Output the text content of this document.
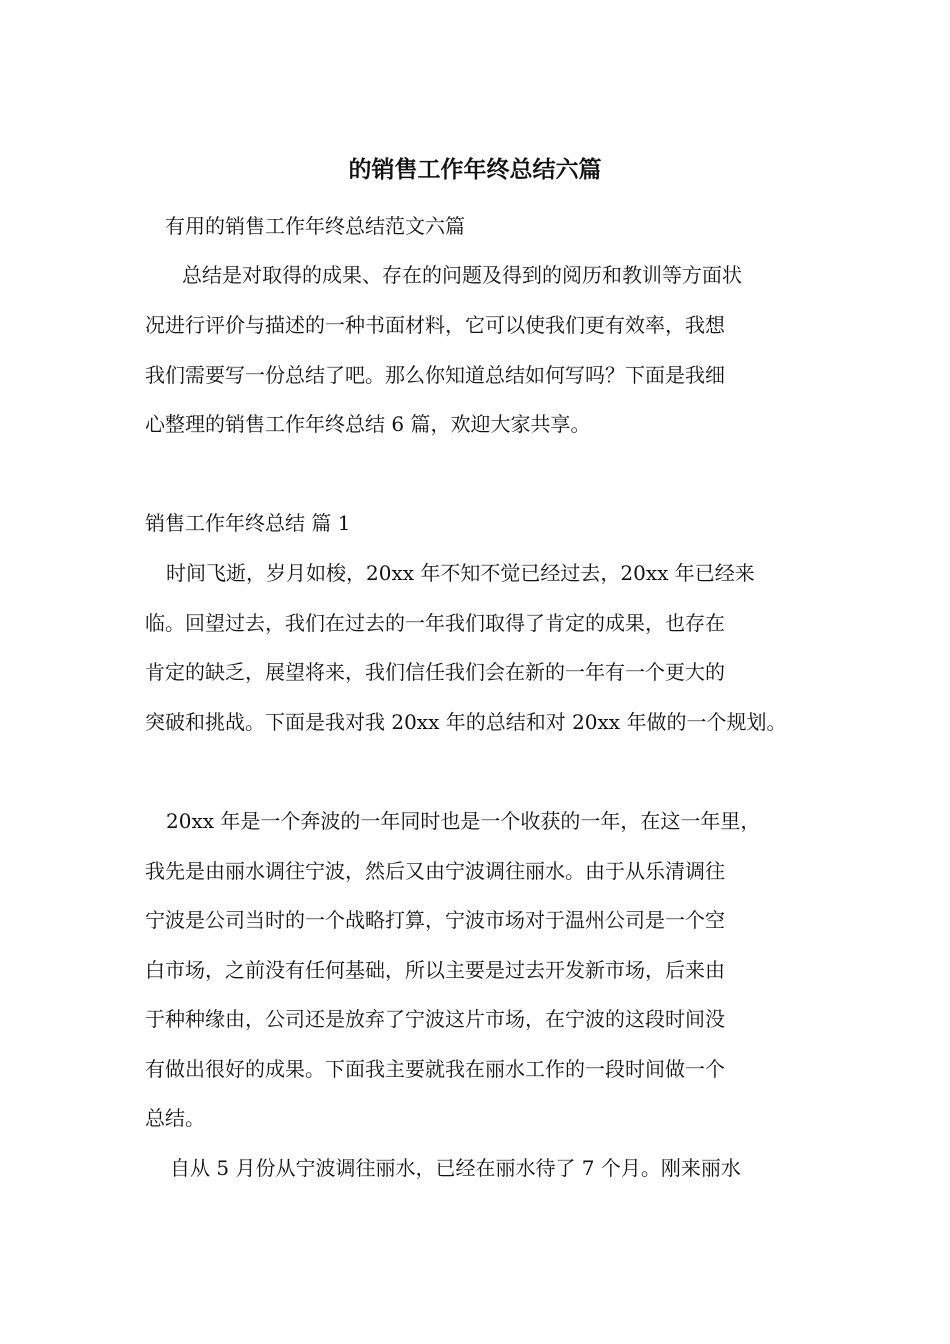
的销售工作年终总结六篇
有用的销售工作年终总结范文六篇
总结是对取得的成果、存在的问题及得到的阅历和教训等方面状
况进行评价与描述的一种书面材料，它可以使我们更有效率，我想
我们需要写一份总结了吧。那么你知道总结如何写吗？下面是我细
心整理的销售工作年终总结 6 篇，欢迎大家共享。
销售工作年终总结 篇 1
时间飞逝，岁月如梭，20xx 年不知不觉已经过去，20xx 年已经来
临。回望过去，我们在过去的一年我们取得了肯定的成果，也存在
肯定的缺乏，展望将来，我们信任我们会在新的一年有一个更大的
突破和挑战。下面是我对我 20xx 年的总结和对 20xx 年做的一个规划。
20xx 年是一个奔波的一年同时也是一个收获的一年，在这一年里，
我先是由丽水调往宁波，然后又由宁波调往丽水。由于从乐清调往
宁波是公司当时的一个战略打算，宁波市场对于温州公司是一个空
白市场，之前没有任何基础，所以主要是过去开发新市场，后来由
于种种缘由，公司还是放弃了宁波这片市场，在宁波的这段时间没
有做出很好的成果。下面我主要就我在丽水工作的一段时间做一个
总结。
自从 5 月份从宁波调往丽水，已经在丽水待了 7 个月。刚来丽水
